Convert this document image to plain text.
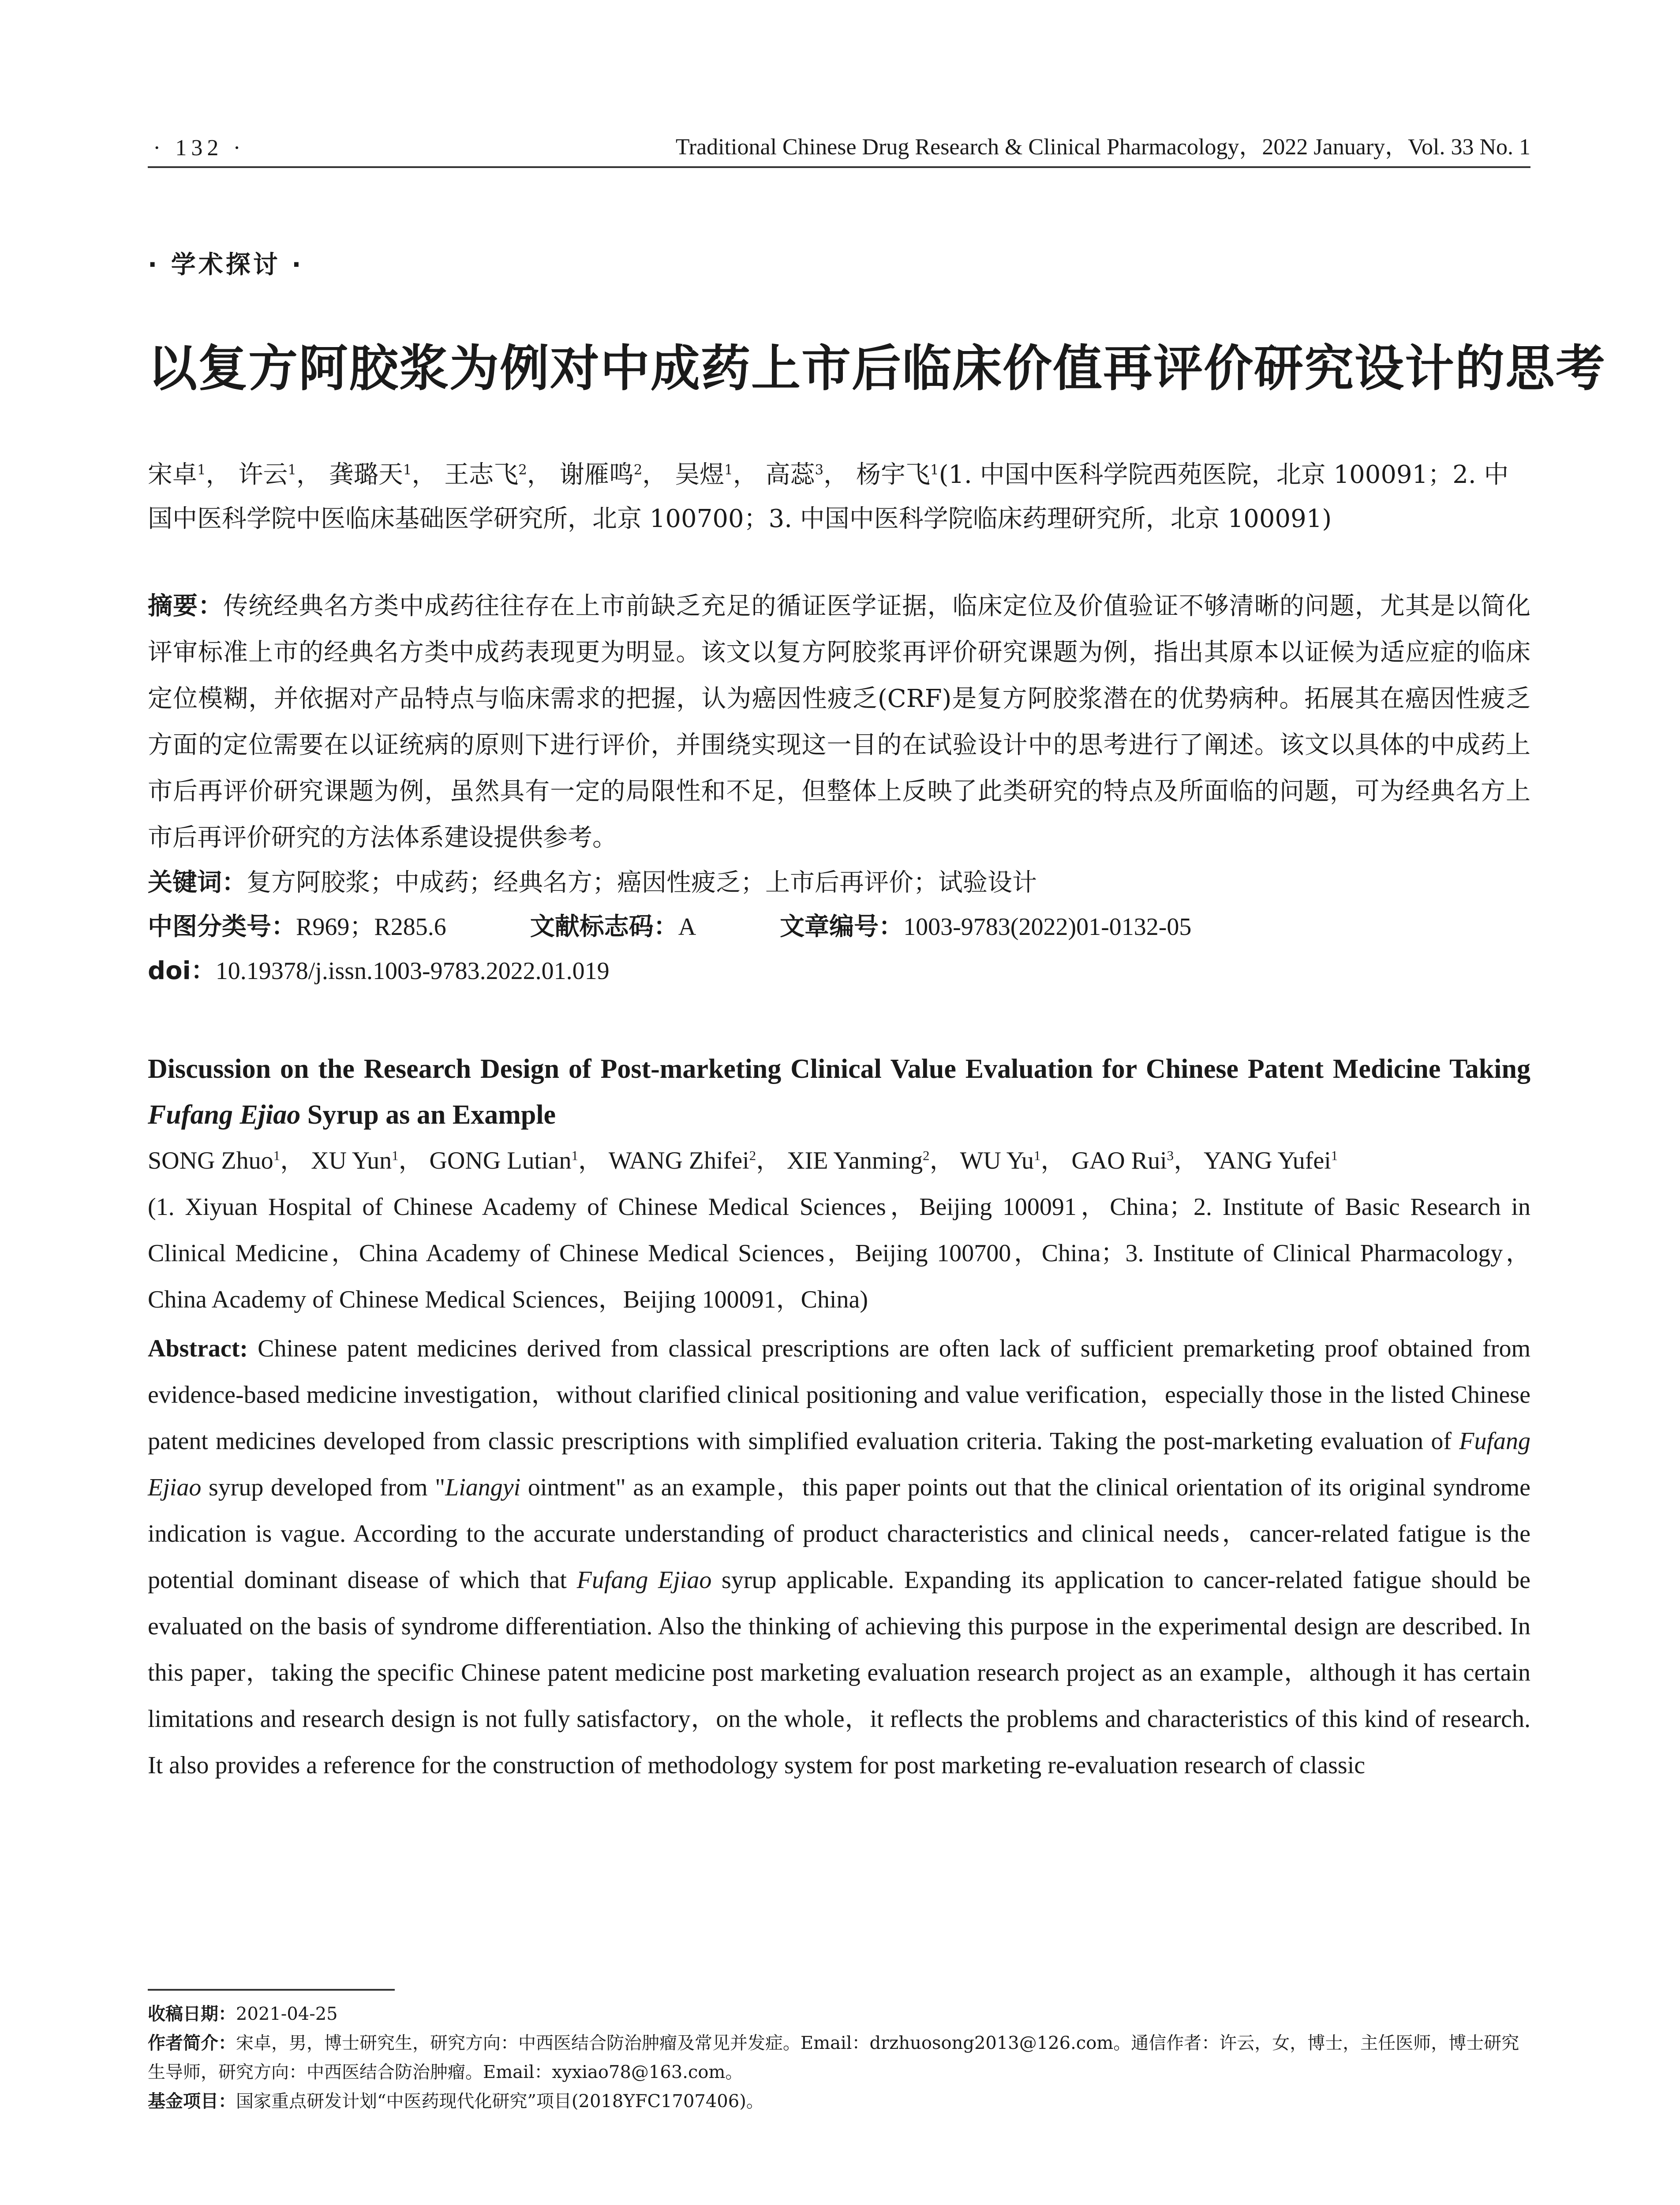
· 132 ·	Traditional Chinese Drug Research & Clinical Pharmacology，2022 January，Vol. 33 No. 1
· 学术探讨 ·
以复方阿胶浆为例对中成药上市后临床价值再评价研究设计的思考
宋卓$^1$， 许云$^1$， 龚璐天$^1$， 王志飞$^2$， 谢雁鸣$^2$， 吴煜$^1$， 高蕊$^3$， 杨宇飞$^1$(1. 中国中医科学院西苑医院，北京 100091；2. 中国中医科学院中医临床基础医学研究所，北京 100700；3. 中国中医科学院临床药理研究所，北京 100091)
摘要：传统经典名方类中成药往往存在上市前缺乏充足的循证医学证据，临床定位及价值验证不够清晰的问题，尤其是以简化评审标准上市的经典名方类中成药表现更为明显。该文以复方阿胶浆再评价研究课题为例，指出其原本以证候为适应症的临床定位模糊，并依据对产品特点与临床需求的把握，认为癌因性疲乏(CRF)是复方阿胶浆潜在的优势病种。拓展其在癌因性疲乏方面的定位需要在以证统病的原则下进行评价，并围绕实现这一目的在试验设计中的思考进行了阐述。该文以具体的中成药上市后再评价研究课题为例，虽然具有一定的局限性和不足，但整体上反映了此类研究的特点及所面临的问题，可为经典名方上市后再评价研究的方法体系建设提供参考。
关键词：复方阿胶浆；中成药；经典名方；癌因性疲乏；上市后再评价；试验设计
中图分类号：R969；R285.6	文献标志码：A	文章编号：1003-9783(2022)01-0132-05
doi：10.19378/j.issn.1003-9783.2022.01.019
Discussion on the Research Design of Post-marketing Clinical Value Evaluation for Chinese Patent Medicine Taking Fufang Ejiao Syrup as an Example
SONG Zhuo$^1$， XU Yun$^1$， GONG Lutian$^1$， WANG Zhifei$^2$， XIE Yanming$^2$， WU Yu$^1$， GAO Rui$^3$， YANG Yufei$^1$
(1. Xiyuan Hospital of Chinese Academy of Chinese Medical Sciences，Beijing 100091，China；2. Institute of Basic Research in Clinical Medicine，China Academy of Chinese Medical Sciences，Beijing 100700，China；3. Institute of Clinical Pharmacology，China Academy of Chinese Medical Sciences，Beijing 100091，China)
Abstract: Chinese patent medicines derived from classical prescriptions are often lack of sufficient premarketing proof obtained from evidence-based medicine investigation，without clarified clinical positioning and value verification，especially those in the listed Chinese patent medicines developed from classic prescriptions with simplified evaluation criteria. Taking the post-marketing evaluation of Fufang Ejiao syrup developed from "Liangyi ointment" as an example，this paper points out that the clinical orientation of its original syndrome indication is vague. According to the accurate understanding of product characteristics and clinical needs，cancer-related fatigue is the potential dominant disease of which that Fufang Ejiao syrup applicable. Expanding its application to cancer-related fatigue should be evaluated on the basis of syndrome differentiation. Also the thinking of achieving this purpose in the experimental design are described. In this paper，taking the specific Chinese patent medicine post marketing evaluation research project as an example，although it has certain limitations and research design is not fully satisfactory，on the whole，it reflects the problems and characteristics of this kind of research. It also provides a reference for the construction of methodology system for post marketing re-evaluation research of classic
收稿日期：2021-04-25
作者简介：宋卓，男，博士研究生，研究方向：中西医结合防治肿瘤及常见并发症。Email：drzhuosong2013@126.com。通信作者：许云，女，博士，主任医师，博士研究生导师，研究方向：中西医结合防治肿瘤。Email：xyxiao78@163.com。
基金项目：国家重点研发计划“中医药现代化研究”项目(2018YFC1707406)。
